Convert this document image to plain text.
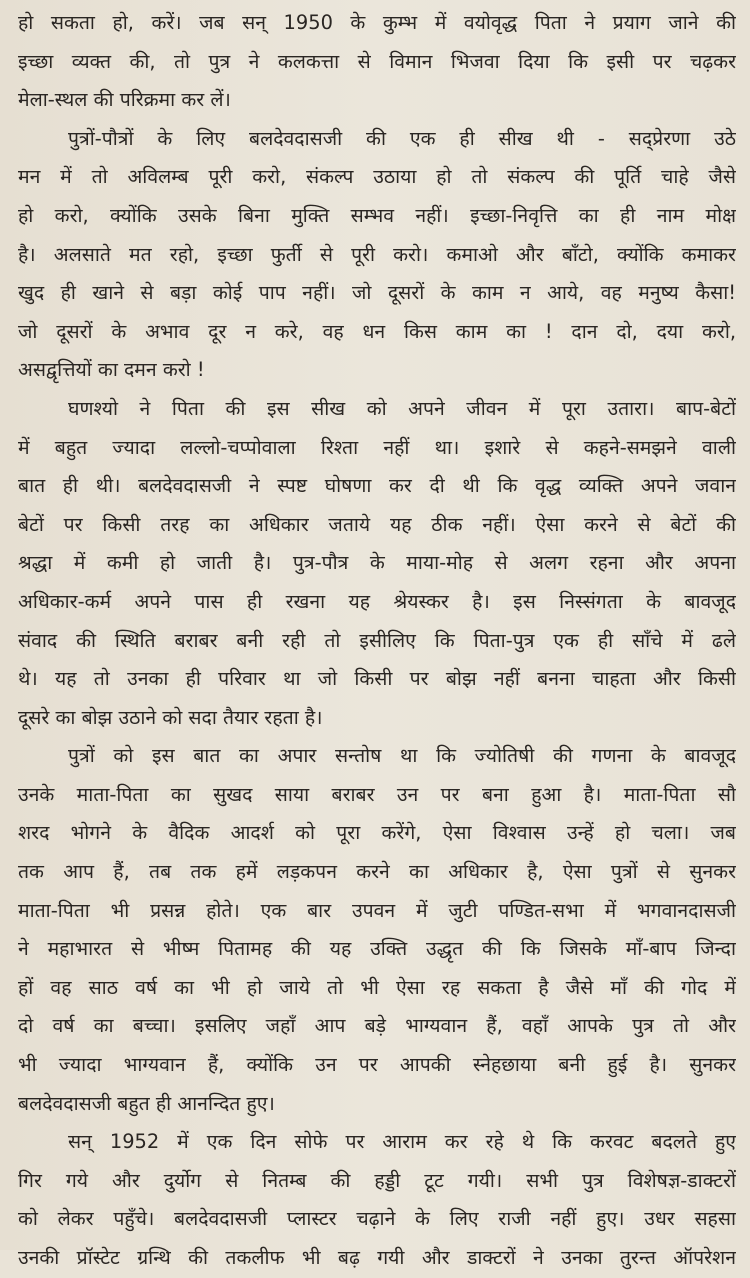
हो सकता हो, करें। जब सन् 1950 के कुम्भ में वयोवृद्ध पिता ने प्रयाग जाने की
इच्छा व्यक्त की, तो पुत्र ने कलकत्ता से विमान भिजवा दिया कि इसी पर चढ़कर
मेला-स्थल की परिक्रमा कर लें।
पुत्रों-पौत्रों के लिए बलदेवदासजी की एक ही सीख थी - सद्प्रेरणा उठे
मन में तो अविलम्ब पूरी करो, संकल्प उठाया हो तो संकल्प की पूर्ति चाहे जैसे
हो करो, क्योंकि उसके बिना मुक्ति सम्भव नहीं। इच्छा-निवृत्ति का ही नाम मोक्ष
है। अलसाते मत रहो, इच्छा फुर्ती से पूरी करो। कमाओ और बाँटो, क्योंकि कमाकर
खुद ही खाने से बड़ा कोई पाप नहीं। जो दूसरों के काम न आये, वह मनुष्य कैसा!
जो दूसरों के अभाव दूर न करे, वह धन किस काम का ! दान दो, दया करो,
असद्वृत्तियों का दमन करो !
घणश्यो ने पिता की इस सीख को अपने जीवन में पूरा उतारा। बाप-बेटों
में बहुत ज्यादा लल्लो-चप्पोवाला रिश्ता नहीं था। इशारे से कहने-समझने वाली
बात ही थी। बलदेवदासजी ने स्पष्ट घोषणा कर दी थी कि वृद्ध व्यक्ति अपने जवान
बेटों पर किसी तरह का अधिकार जताये यह ठीक नहीं। ऐसा करने से बेटों की
श्रद्धा में कमी हो जाती है। पुत्र-पौत्र के माया-मोह से अलग रहना और अपना
अधिकार-कर्म अपने पास ही रखना यह श्रेयस्कर है। इस निस्संगता के बावजूद
संवाद की स्थिति बराबर बनी रही तो इसीलिए कि पिता-पुत्र एक ही साँचे में ढले
थे। यह तो उनका ही परिवार था जो किसी पर बोझ नहीं बनना चाहता और किसी
दूसरे का बोझ उठाने को सदा तैयार रहता है।
पुत्रों को इस बात का अपार सन्तोष था कि ज्योतिषी की गणना के बावजूद
उनके माता-पिता का सुखद साया बराबर उन पर बना हुआ है। माता-पिता सौ
शरद भोगने के वैदिक आदर्श को पूरा करेंगे, ऐसा विश्वास उन्हें हो चला। जब
तक आप हैं, तब तक हमें लड़कपन करने का अधिकार है, ऐसा पुत्रों से सुनकर
माता-पिता भी प्रसन्न होते। एक बार उपवन में जुटी पण्डित-सभा में भगवानदासजी
ने महाभारत से भीष्म पितामह की यह उक्ति उद्धृत की कि जिसके माँ-बाप जिन्दा
हों वह साठ वर्ष का भी हो जाये तो भी ऐसा रह सकता है जैसे माँ की गोद में
दो वर्ष का बच्चा। इसलिए जहाँ आप बड़े भाग्यवान हैं, वहाँ आपके पुत्र तो और
भी ज्यादा भाग्यवान हैं, क्योंकि उन पर आपकी स्नेहछाया बनी हुई है। सुनकर
बलदेवदासजी बहुत ही आनन्दित हुए।
सन् 1952 में एक दिन सोफे पर आराम कर रहे थे कि करवट बदलते हुए
गिर गये और दुर्योग से नितम्ब की हड्डी टूट गयी। सभी पुत्र विशेषज्ञ-डाक्टरों
को लेकर पहुँचे। बलदेवदासजी प्लास्टर चढ़ाने के लिए राजी नहीं हुए। उधर सहसा
उनकी प्रॉस्टेट ग्रन्थि की तकलीफ भी बढ़ गयी और डाक्टरों ने उनका तुरन्त ऑपरेशन
